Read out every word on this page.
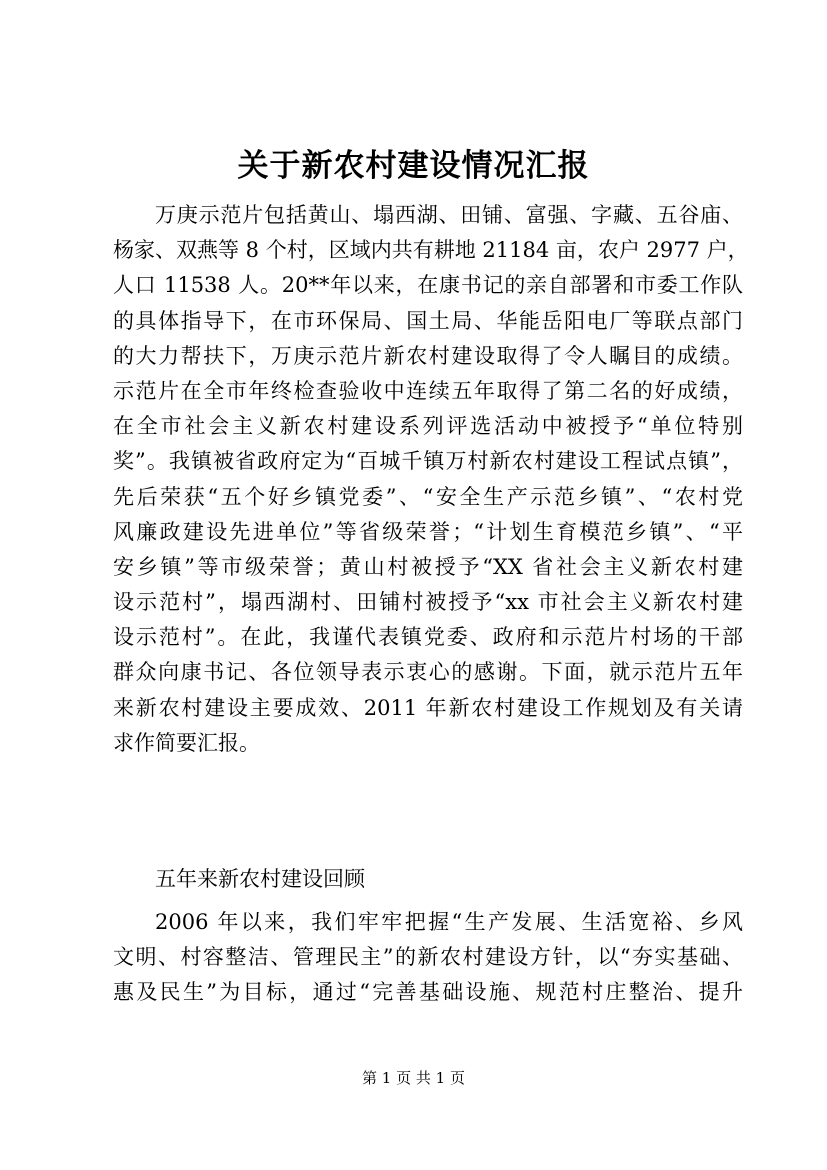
关于新农村建设情况汇报
万庚示范片包括黄山、塌西湖、田铺、富强、字藏、五谷庙、
杨家、双燕等 8 个村，区域内共有耕地 21184 亩，农户 2977 户，
人口 11538 人。20**年以来，在康书记的亲自部署和市委工作队
的具体指导下，在市环保局、国土局、华能岳阳电厂等联点部门
的大力帮扶下，万庚示范片新农村建设取得了令人瞩目的成绩。
示范片在全市年终检查验收中连续五年取得了第二名的好成绩，
在全市社会主义新农村建设系列评选活动中被授予“单位特别
奖”。我镇被省政府定为“百城千镇万村新农村建设工程试点镇”，
先后荣获“五个好乡镇党委”、“安全生产示范乡镇”、“农村党
风廉政建设先进单位”等省级荣誉；“计划生育模范乡镇”、“平
安乡镇”等市级荣誉；黄山村被授予“XX 省社会主义新农村建
设示范村”，塌西湖村、田铺村被授予“xx 市社会主义新农村建
设示范村”。在此，我谨代表镇党委、政府和示范片村场的干部
群众向康书记、各位领导表示衷心的感谢。下面，就示范片五年
来新农村建设主要成效、2011 年新农村建设工作规划及有关请
求作简要汇报。
五年来新农村建设回顾
2006 年以来，我们牢牢把握“生产发展、生活宽裕、乡风
文明、村容整洁、管理民主”的新农村建设方针，以“夯实基础、
惠及民生”为目标，通过“完善基础设施、规范村庄整治、提升
第 1 页 共 1 页
